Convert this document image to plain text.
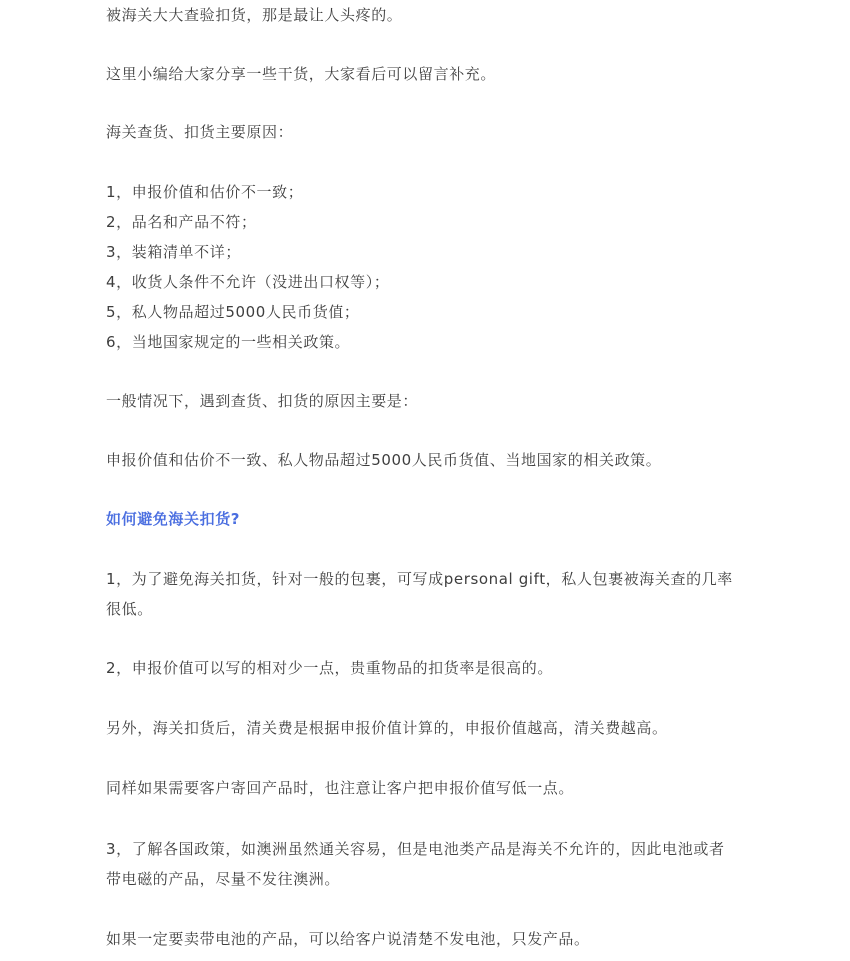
被海关大大查验扣货，那是最让人头疼的。
这里小编给大家分享一些干货，大家看后可以留言补充。
海关查货、扣货主要原因：
1，申报价值和估价不一致；
2，品名和产品不符；
3，装箱清单不详；
4，收货人条件不允许（没进出口权等）；
5，私人物品超过5000人民币货值；
6，当地国家规定的一些相关政策。
一般情况下，遇到查货、扣货的原因主要是：
申报价值和估价不一致、私人物品超过5000人民币货值、当地国家的相关政策。
如何避免海关扣货?
1，为了避免海关扣货，针对一般的包裹，可写成personal gift，私人包裹被海关查的几率
很低。
2，申报价值可以写的相对少一点，贵重物品的扣货率是很高的。
另外，海关扣货后，清关费是根据申报价值计算的，申报价值越高，清关费越高。
同样如果需要客户寄回产品时，也注意让客户把申报价值写低一点。
3，了解各国政策，如澳洲虽然通关容易，但是电池类产品是海关不允许的，因此电池或者
带电磁的产品，尽量不发往澳洲。
如果一定要卖带电池的产品，可以给客户说清楚不发电池，只发产品。
